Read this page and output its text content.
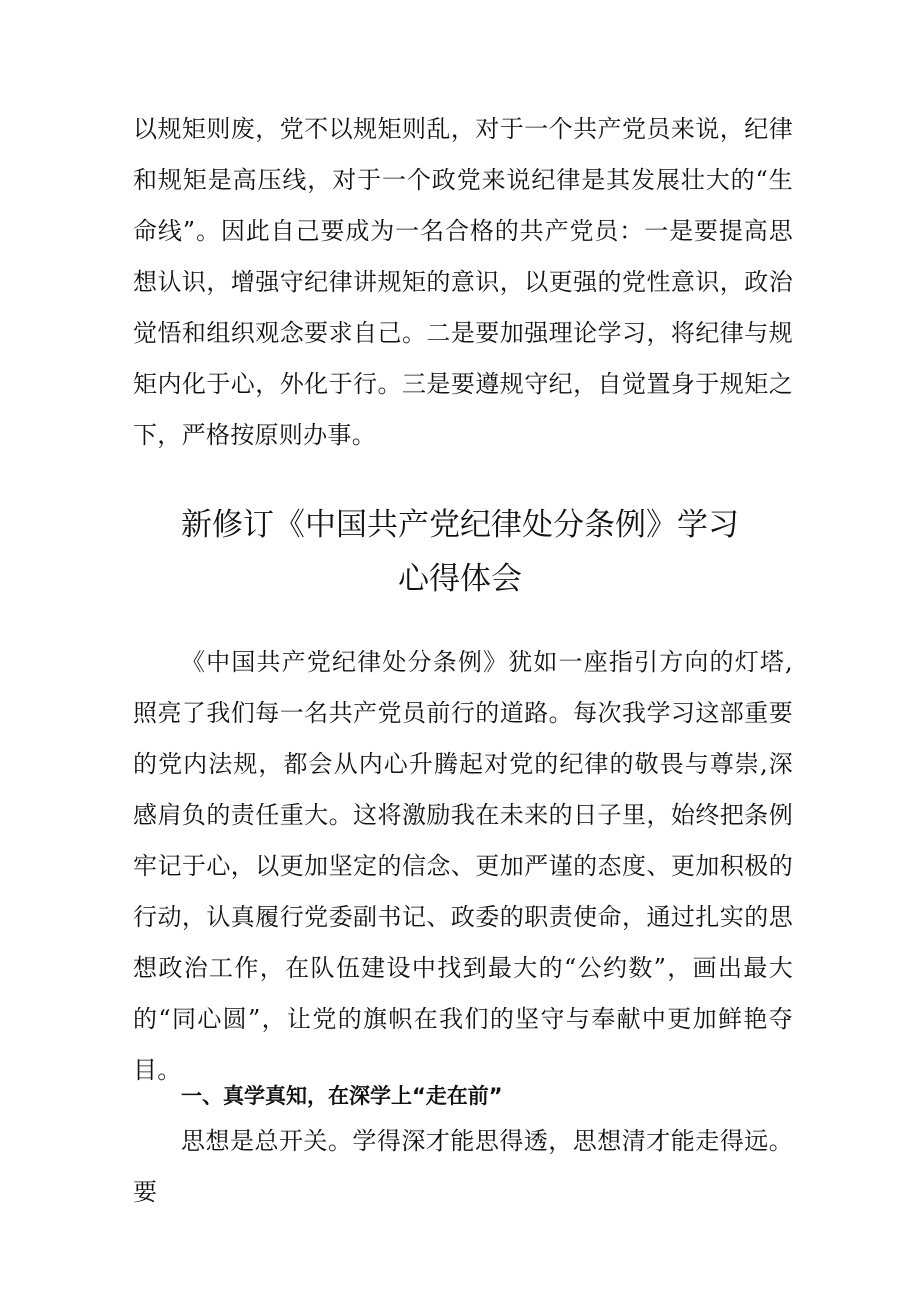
以规矩则废，党不以规矩则乱，对于一个共产党员来说，纪律和规矩是高压线，对于一个政党来说纪律是其发展壮大的“生命线”。因此自己要成为一名合格的共产党员：一是要提高思想认识，增强守纪律讲规矩的意识，以更强的党性意识，政治觉悟和组织观念要求自己。二是要加强理论学习，将纪律与规矩内化于心，外化于行。三是要遵规守纪，自觉置身于规矩之下，严格按原则办事。

新修订《中国共产党纪律处分条例》学习
心得体会

《中国共产党纪律处分条例》犹如一座指引方向的灯塔,照亮了我们每一名共产党员前行的道路。每次我学习这部重要的党内法规，都会从内心升腾起对党的纪律的敬畏与尊崇,深感肩负的责任重大。这将激励我在未来的日子里，始终把条例牢记于心，以更加坚定的信念、更加严谨的态度、更加积极的行动，认真履行党委副书记、政委的职责使命，通过扎实的思想政治工作，在队伍建设中找到最大的“公约数”，画出最大的“同心圆”，让党的旗帜在我们的坚守与奉献中更加鲜艳夺目。

一、真学真知，在深学上“走在前”

思想是总开关。学得深才能思得透，思想清才能走得远。要
